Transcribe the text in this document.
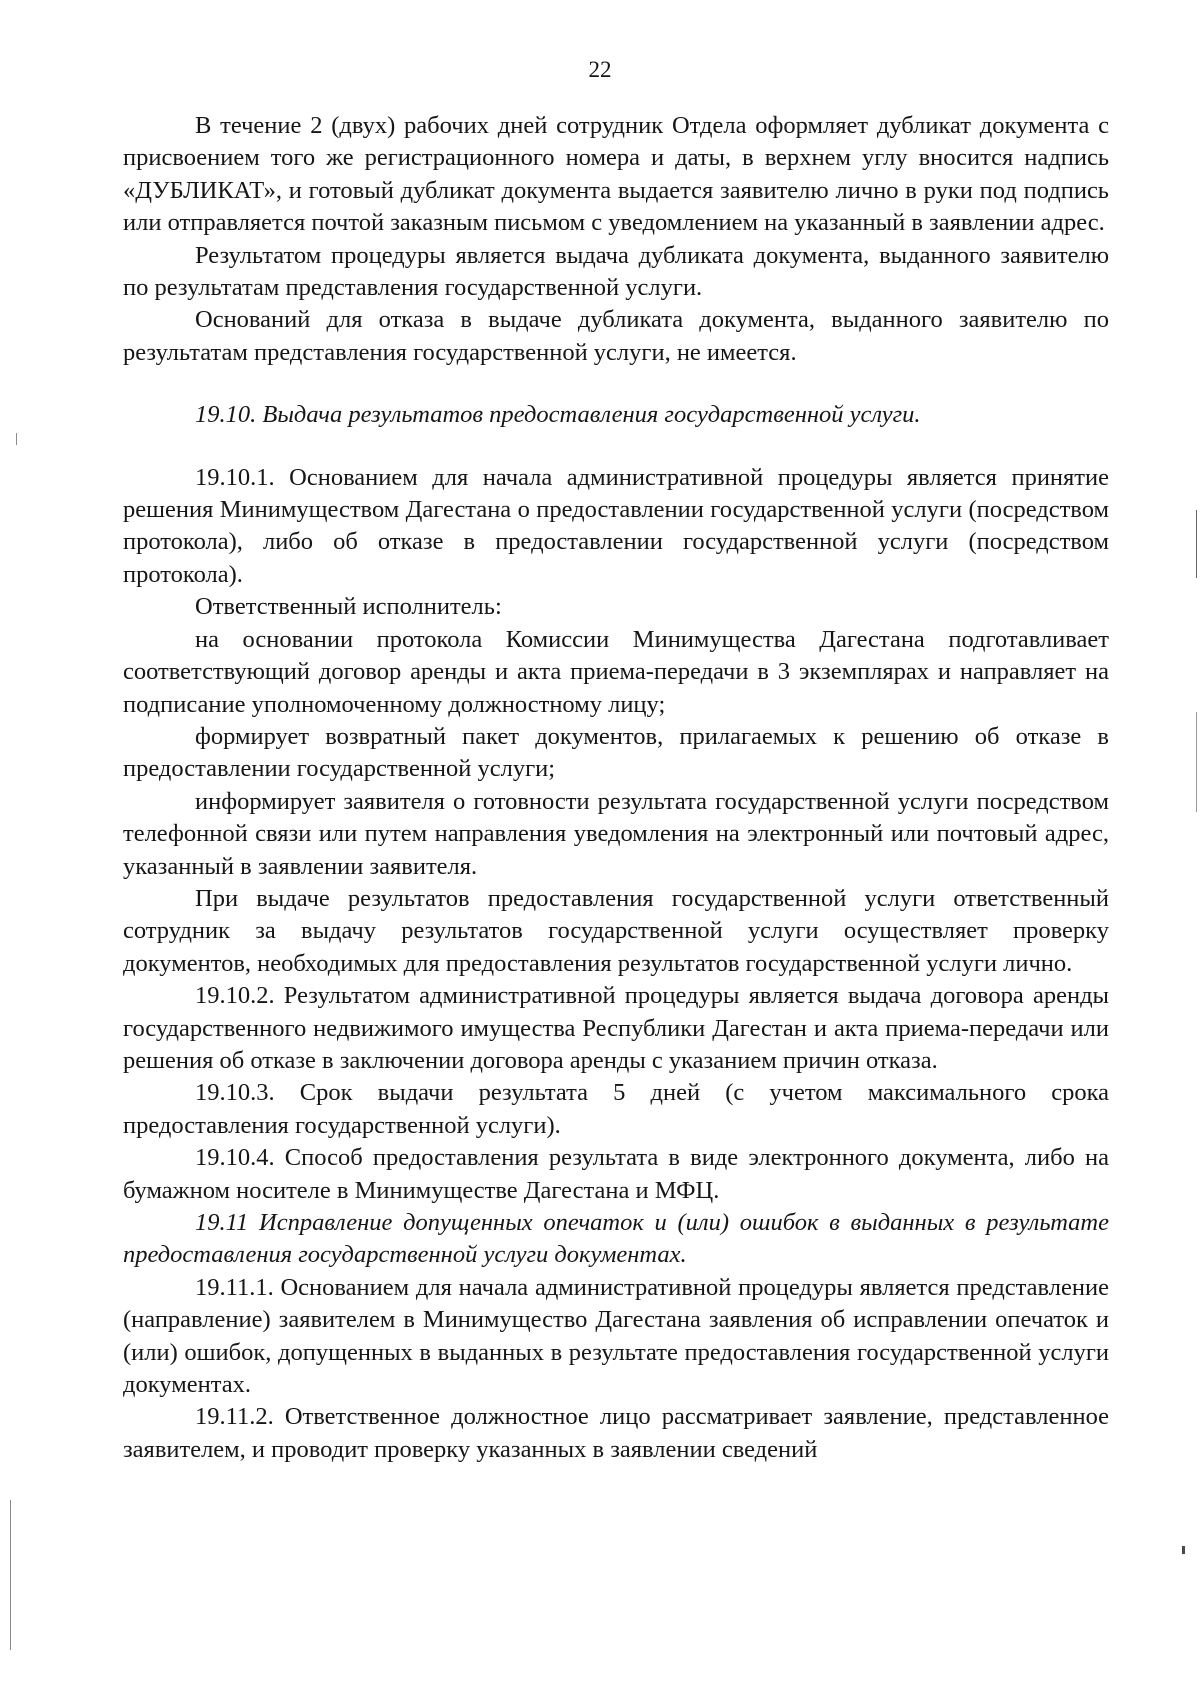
22

В течение 2 (двух) рабочих дней сотрудник Отдела оформляет дубликат документа с присвоением того же регистрационного номера и даты, в верхнем углу вносится надпись «ДУБЛИКАТ», и готовый дубликат документа выдается заявителю лично в руки под подпись или отправляется почтой заказным письмом с уведомлением на указанный в заявлении адрес.

Результатом процедуры является выдача дубликата документа, выданного заявителю по результатам представления государственной услуги.

Оснований для отказа в выдаче дубликата документа, выданного заявителю по результатам представления государственной услуги, не имеется.

19.10. Выдача результатов предоставления государственной услуги.

19.10.1. Основанием для начала административной процедуры является принятие решения Минимуществом Дагестана о предоставлении государственной услуги (посредством протокола), либо об отказе в предоставлении государственной услуги (посредством протокола).

Ответственный исполнитель:

на основании протокола Комиссии Минимущества Дагестана подготавливает соответствующий договор аренды и акта приема-передачи в 3 экземплярах и направляет на подписание уполномоченному должностному лицу;

формирует возвратный пакет документов, прилагаемых к решению об отказе в предоставлении государственной услуги;

информирует заявителя о готовности результата государственной услуги посредством телефонной связи или путем направления уведомления на электронный или почтовый адрес, указанный в заявлении заявителя.

При выдаче результатов предоставления государственной услуги ответственный сотрудник за выдачу результатов государственной услуги осуществляет проверку документов, необходимых для предоставления результатов государственной услуги лично.

19.10.2. Результатом административной процедуры является выдача договора аренды государственного недвижимого имущества Республики Дагестан и акта приема-передачи или решения об отказе в заключении договора аренды с указанием причин отказа.

19.10.3. Срок выдачи результата 5 дней (с учетом максимального срока предоставления государственной услуги).

19.10.4. Способ предоставления результата в виде электронного документа, либо на бумажном носителе в Минимуществе Дагестана и МФЦ.

19.11 Исправление допущенных опечаток и (или) ошибок в выданных в результате предоставления государственной услуги документах.

19.11.1. Основанием для начала административной процедуры является представление (направление) заявителем в Минимущество Дагестана заявления об исправлении опечаток и (или) ошибок, допущенных в выданных в результате предоставления государственной услуги документах.

19.11.2. Ответственное должностное лицо рассматривает заявление, представленное заявителем, и проводит проверку указанных в заявлении сведений
